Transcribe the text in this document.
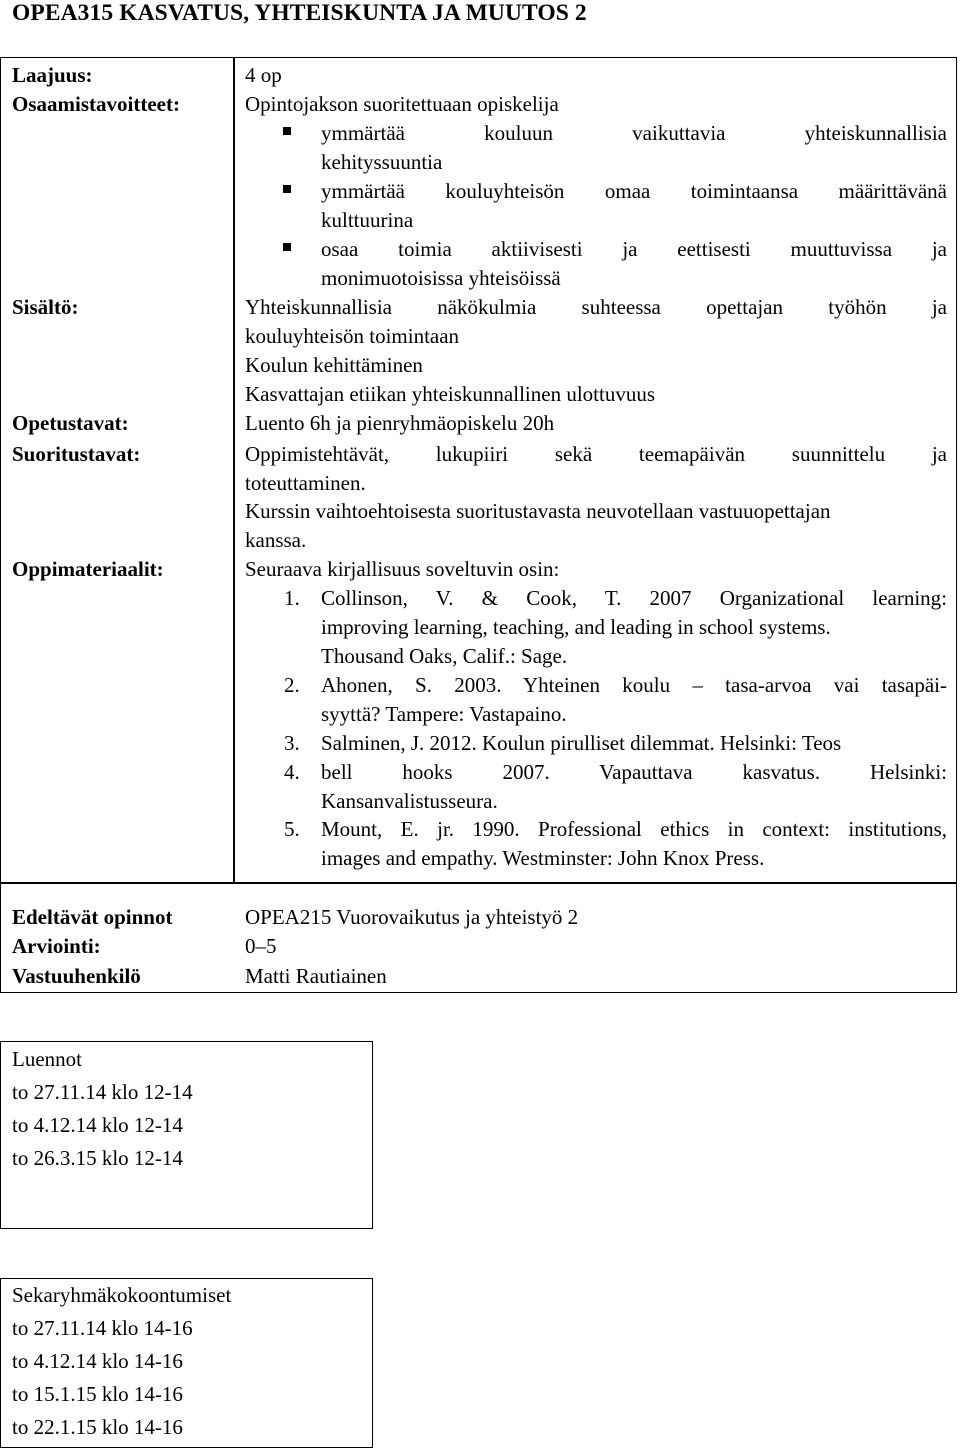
OPEA315 KASVATUS, YHTEISKUNTA JA MUUTOS 2
Laajuus:	4 op
Osaamistavoitteet:	Opintojakson suoritettuaan opiskelija
ymmärtää kouluun vaikuttavia yhteiskunnallisia
kehityssuuntia
ymmärtää kouluyhteisön omaa toimintaansa määrittävänä
kulttuurina
osaa toimia aktiivisesti ja eettisesti muuttuvissa ja
monimuotoisissa yhteisöissä
Sisältö:	Yhteiskunnallisia näkökulmia suhteessa opettajan työhön ja
kouluyhteisön toimintaan
Koulun kehittäminen
Kasvattajan etiikan yhteiskunnallinen ulottuvuus
Opetustavat:	Luento 6h ja pienryhmäopiskelu 20h
Suoritustavat:	Oppimistehtävät, lukupiiri sekä teemapäivän suunnittelu ja
toteuttaminen.
Kurssin vaihtoehtoisesta suoritustavasta neuvotellaan vastuuopettajan
kanssa.
Oppimateriaalit:	Seuraava kirjallisuus soveltuvin osin:
1. Collinson, V. & Cook, T. 2007 Organizational learning:
improving learning, teaching, and leading in school systems.
Thousand Oaks, Calif.: Sage.
2. Ahonen, S. 2003. Yhteinen koulu – tasa-arvoa vai tasapäi-
syyttä? Tampere: Vastapaino.
3. Salminen, J. 2012. Koulun pirulliset dilemmat. Helsinki: Teos
4. bell hooks 2007. Vapauttava kasvatus. Helsinki:
Kansanvalistusseura.
5. Mount, E. jr. 1990. Professional ethics in context: institutions,
images and empathy. Westminster: John Knox Press.
Edeltävät opinnot	OPEA215 Vuorovaikutus ja yhteistyö 2
Arviointi:	0–5
Vastuuhenkilö	Matti Rautiainen
Luennot
to 27.11.14 klo 12-14
to 4.12.14 klo 12-14
to 26.3.15 klo 12-14
Sekaryhmäkokoontumiset
to 27.11.14 klo 14-16
to 4.12.14 klo 14-16
to 15.1.15 klo 14-16
to 22.1.15 klo 14-16
